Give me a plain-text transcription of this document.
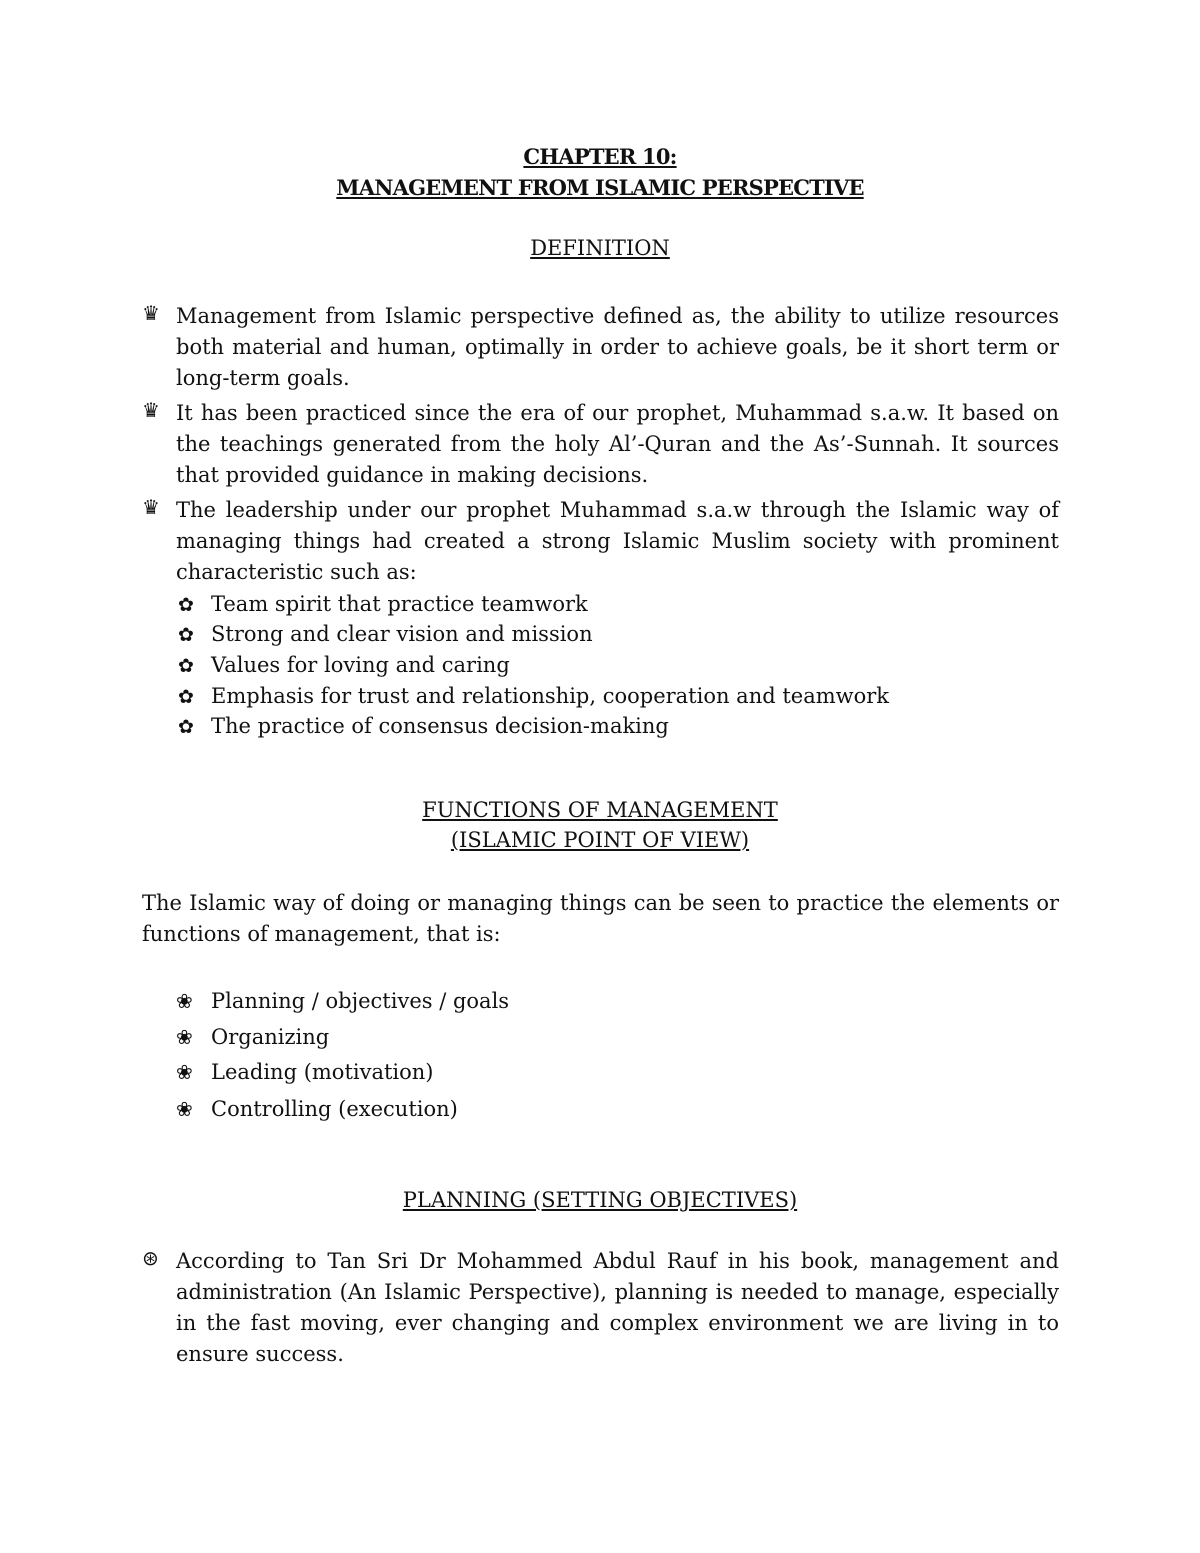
CHAPTER 10:
MANAGEMENT FROM ISLAMIC PERSPECTIVE
DEFINITION
♛ Management from Islamic perspective defined as, the ability to utilize resources both material and human, optimally in order to achieve goals, be it short term or long-term goals.
♛ It has been practiced since the era of our prophet, Muhammad s.a.w. It based on the teachings generated from the holy Al’-Quran and the As’-Sunnah. It sources that provided guidance in making decisions.
♛ The leadership under our prophet Muhammad s.a.w through the Islamic way of managing things had created a strong Islamic Muslim society with prominent characteristic such as:
✿ Team spirit that practice teamwork
✿ Strong and clear vision and mission
✿ Values for loving and caring
✿ Emphasis for trust and relationship, cooperation and teamwork
✿ The practice of consensus decision-making
FUNCTIONS OF MANAGEMENT
(ISLAMIC POINT OF VIEW)
The Islamic way of doing or managing things can be seen to practice the elements or functions of management, that is:
❀ Planning / objectives / goals
❀ Organizing
❀ Leading (motivation)
❀ Controlling (execution)
PLANNING (SETTING OBJECTIVES)
⊛ According to Tan Sri Dr Mohammed Abdul Rauf in his book, management and administration (An Islamic Perspective), planning is needed to manage, especially in the fast moving, ever changing and complex environment we are living in to ensure success.
